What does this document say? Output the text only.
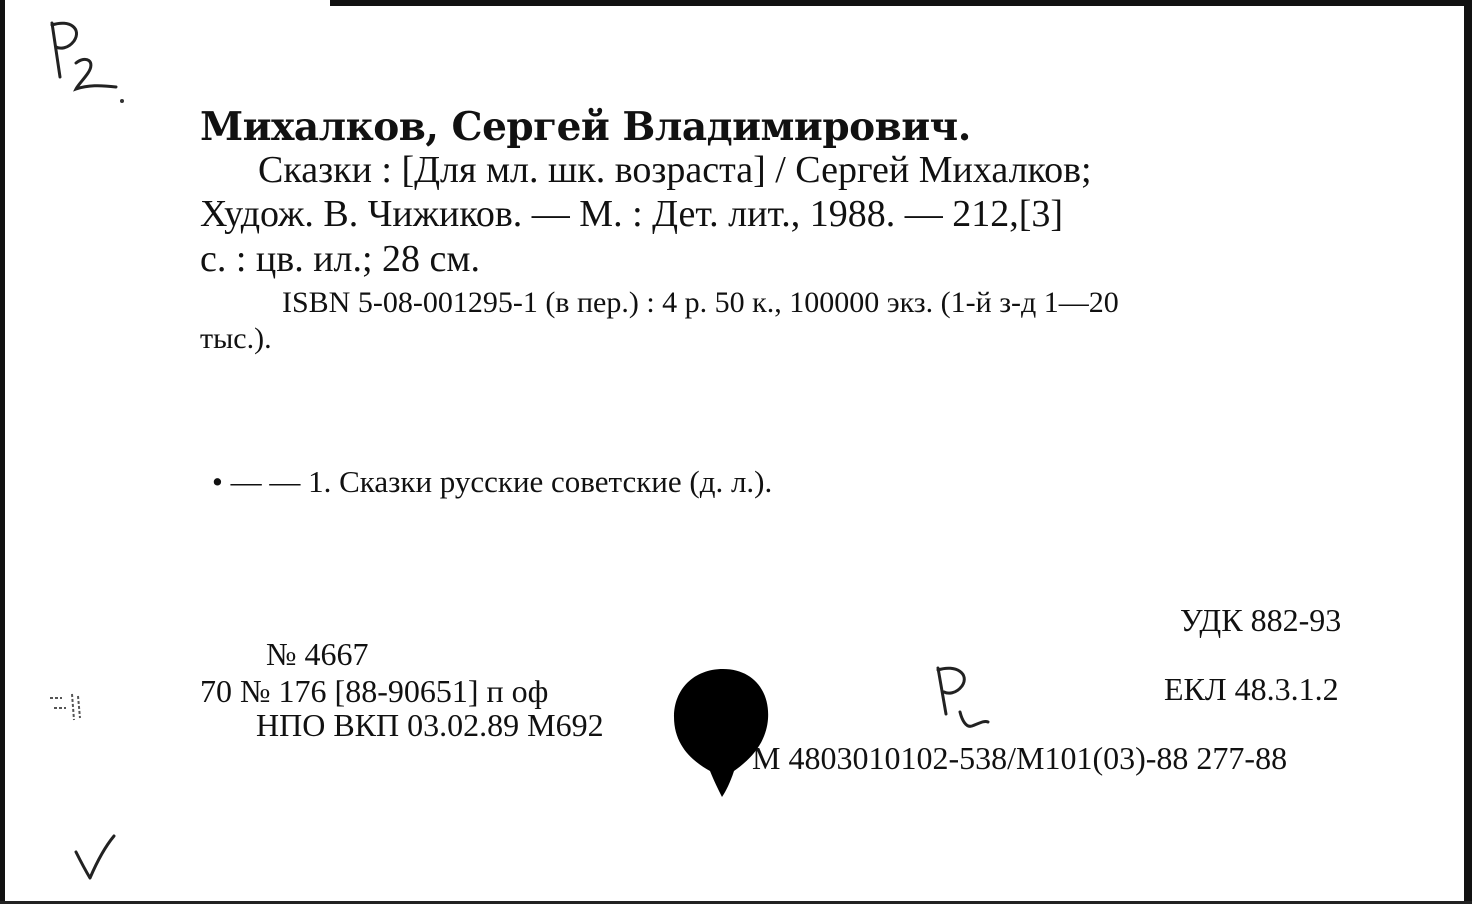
Михалков, Сергей Владимирович.

Сказки : [Для мл. шк. возраста] / Сергей Михалков;

Худож. В. Чижиков. — М. : Дет. лит., 1988. — 212,[3]

с. : цв. ил.; 28 см.

ISBN 5-08-001295-1 (в пер.) : 4 р. 50 к., 100000 экз. (1-й з-д 1—20

тыс.).

• — — 1. Сказки русские советские (д. л.).

УДК 882-93

ЕКЛ 48.3.1.2

№ 4667

70 № 176 [88-90651] п оф

НПО ВКП 03.02.89 М692

М 4803010102-538/М101(03)-88 277-88
